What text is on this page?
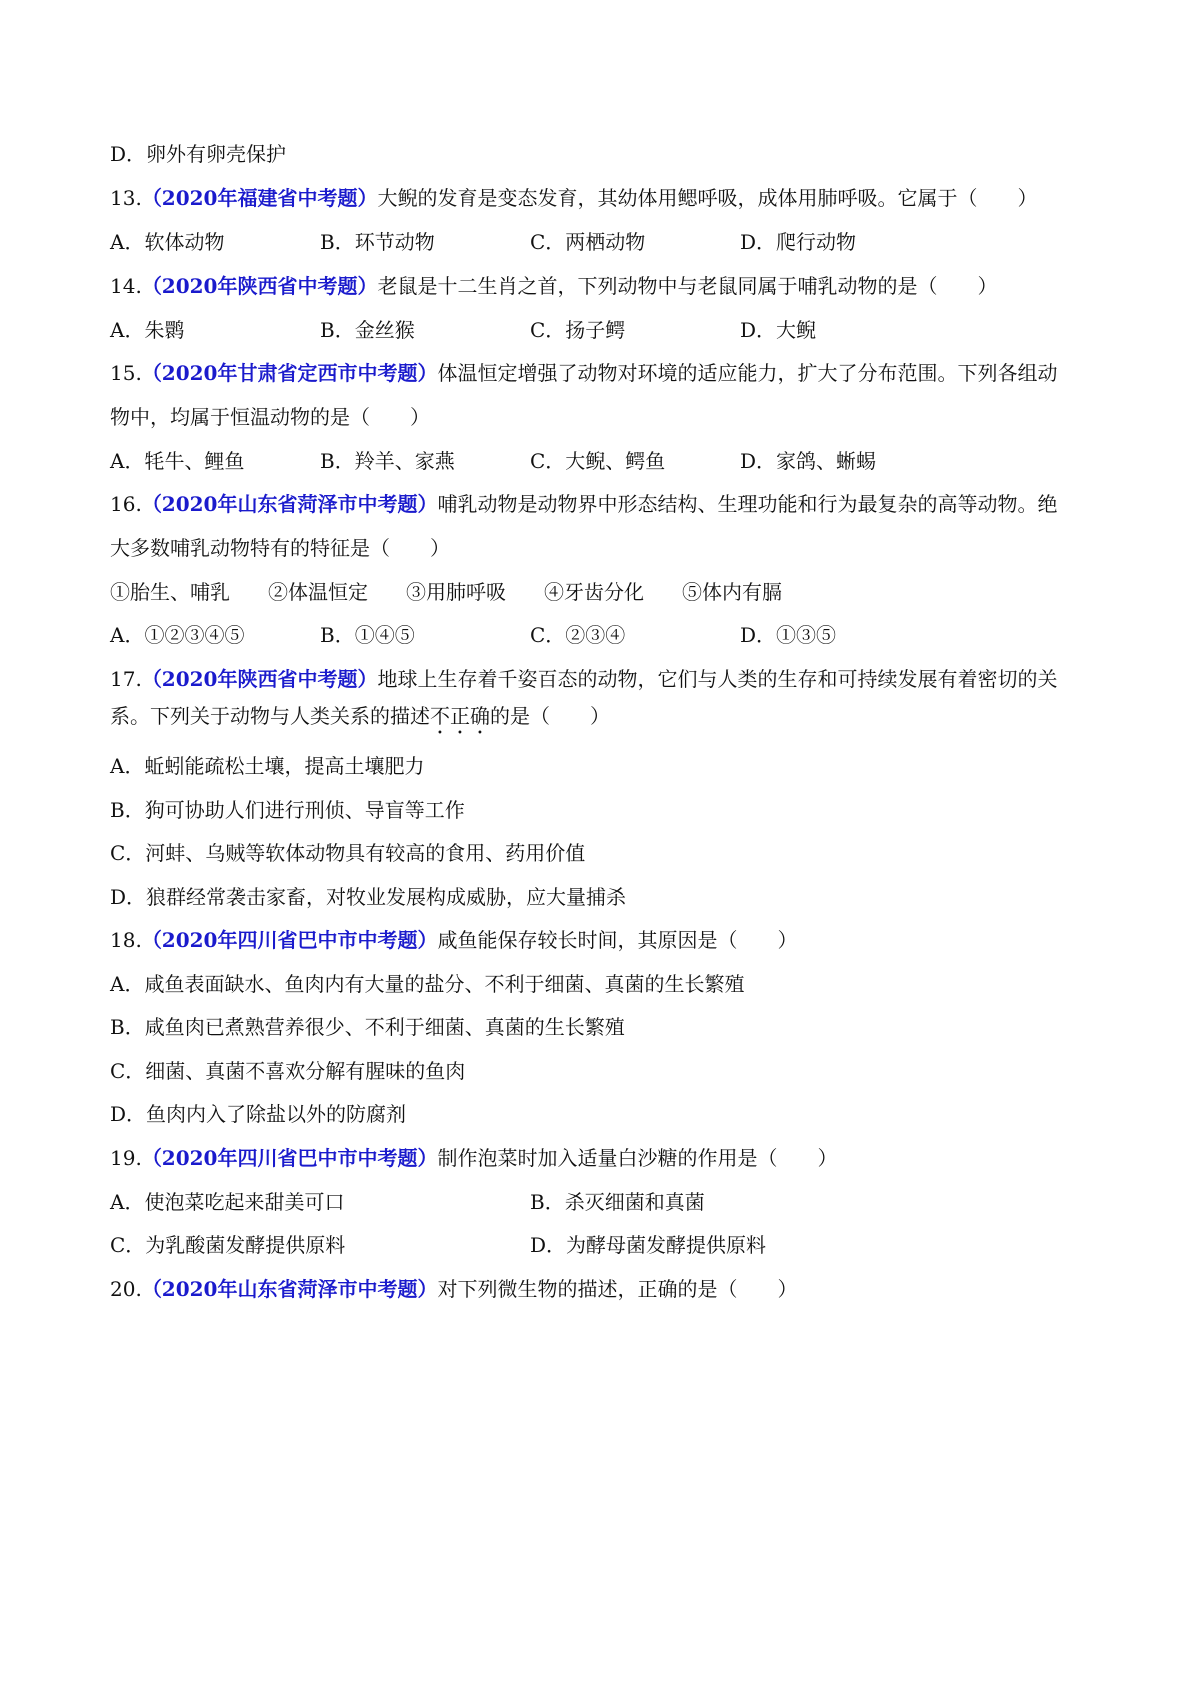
D．卵外有卵壳保护
13.（2020年福建省中考题）大鲵的发育是变态发育，其幼体用鳃呼吸，成体用肺呼吸。它属于（　　）
A．软体动物	B．环节动物	C．两栖动物	D．爬行动物
14.（2020年陕西省中考题）老鼠是十二生肖之首，下列动物中与老鼠同属于哺乳动物的是（　　）
A．朱鹮	B．金丝猴	C．扬子鳄	D．大鲵
15.（2020年甘肃省定西市中考题）体温恒定增强了动物对环境的适应能力，扩大了分布范围。下列各组动
物中，均属于恒温动物的是（　　）
A．牦牛、鲤鱼	B．羚羊、家燕	C．大鲵、鳄鱼	D．家鸽、蜥蜴
16.（2020年山东省菏泽市中考题）哺乳动物是动物界中形态结构、生理功能和行为最复杂的高等动物。绝
大多数哺乳动物特有的特征是（　　）
①胎生、哺乳 ②体温恒定 ③用肺呼吸 ④牙齿分化 ⑤体内有膈
A．①②③④⑤	B．①④⑤	C．②③④	D．①③⑤
17.（2020年陕西省中考题）地球上生存着千姿百态的动物，它们与人类的生存和可持续发展有着密切的关
系。下列关于动物与人类关系的描述不正确的是（　　）
A．蚯蚓能疏松土壤，提高土壤肥力
B．狗可协助人们进行刑侦、导盲等工作
C．河蚌、乌贼等软体动物具有较高的食用、药用价值
D．狼群经常袭击家畜，对牧业发展构成威胁，应大量捕杀
18.（2020年四川省巴中市中考题）咸鱼能保存较长时间，其原因是（　　）
A．咸鱼表面缺水、鱼肉内有大量的盐分、不利于细菌、真菌的生长繁殖
B．咸鱼肉已煮熟营养很少、不利于细菌、真菌的生长繁殖
C．细菌、真菌不喜欢分解有腥味的鱼肉
D．鱼肉内入了除盐以外的防腐剂
19.（2020年四川省巴中市中考题）制作泡菜时加入适量白沙糖的作用是（　　）
A．使泡菜吃起来甜美可口	B．杀灭细菌和真菌
C．为乳酸菌发酵提供原料	D．为酵母菌发酵提供原料
20.（2020年山东省菏泽市中考题）对下列微生物的描述，正确的是（　　）
